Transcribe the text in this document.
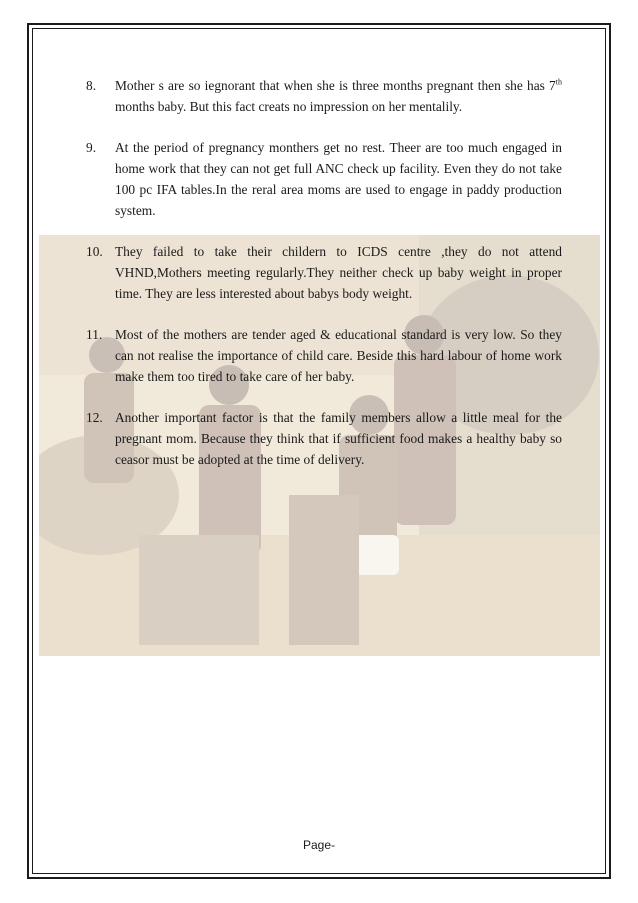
8.	Mother s are so iegnorant that when she is three months pregnant then she has 7th months baby. But this fact creats no impression on her mentalily.
9.	At the period of pregnancy monthers get no rest. Theer are too much engaged in home work that they can not get full ANC check up facility. Even they do not take 100 pc IFA tables.In the reral area moms are used to engage in paddy production system.
10. They failed to take their childern to ICDS centre ,they do not attend VHND,Mothers meeting regularly.They neither check up baby weight in proper time. They are less interested about babys body weight.
11. Most of the mothers are tender aged & educational standard is very low. So they can not realise the importance of child care. Beside this hard labour of home work make them too tired to take care of her baby.
12. Another important factor is that the family members allow a little meal for the pregnant mom. Because they think that if sufficient food makes a healthy baby so ceasor must be adopted at the time of delivery.
Page-
